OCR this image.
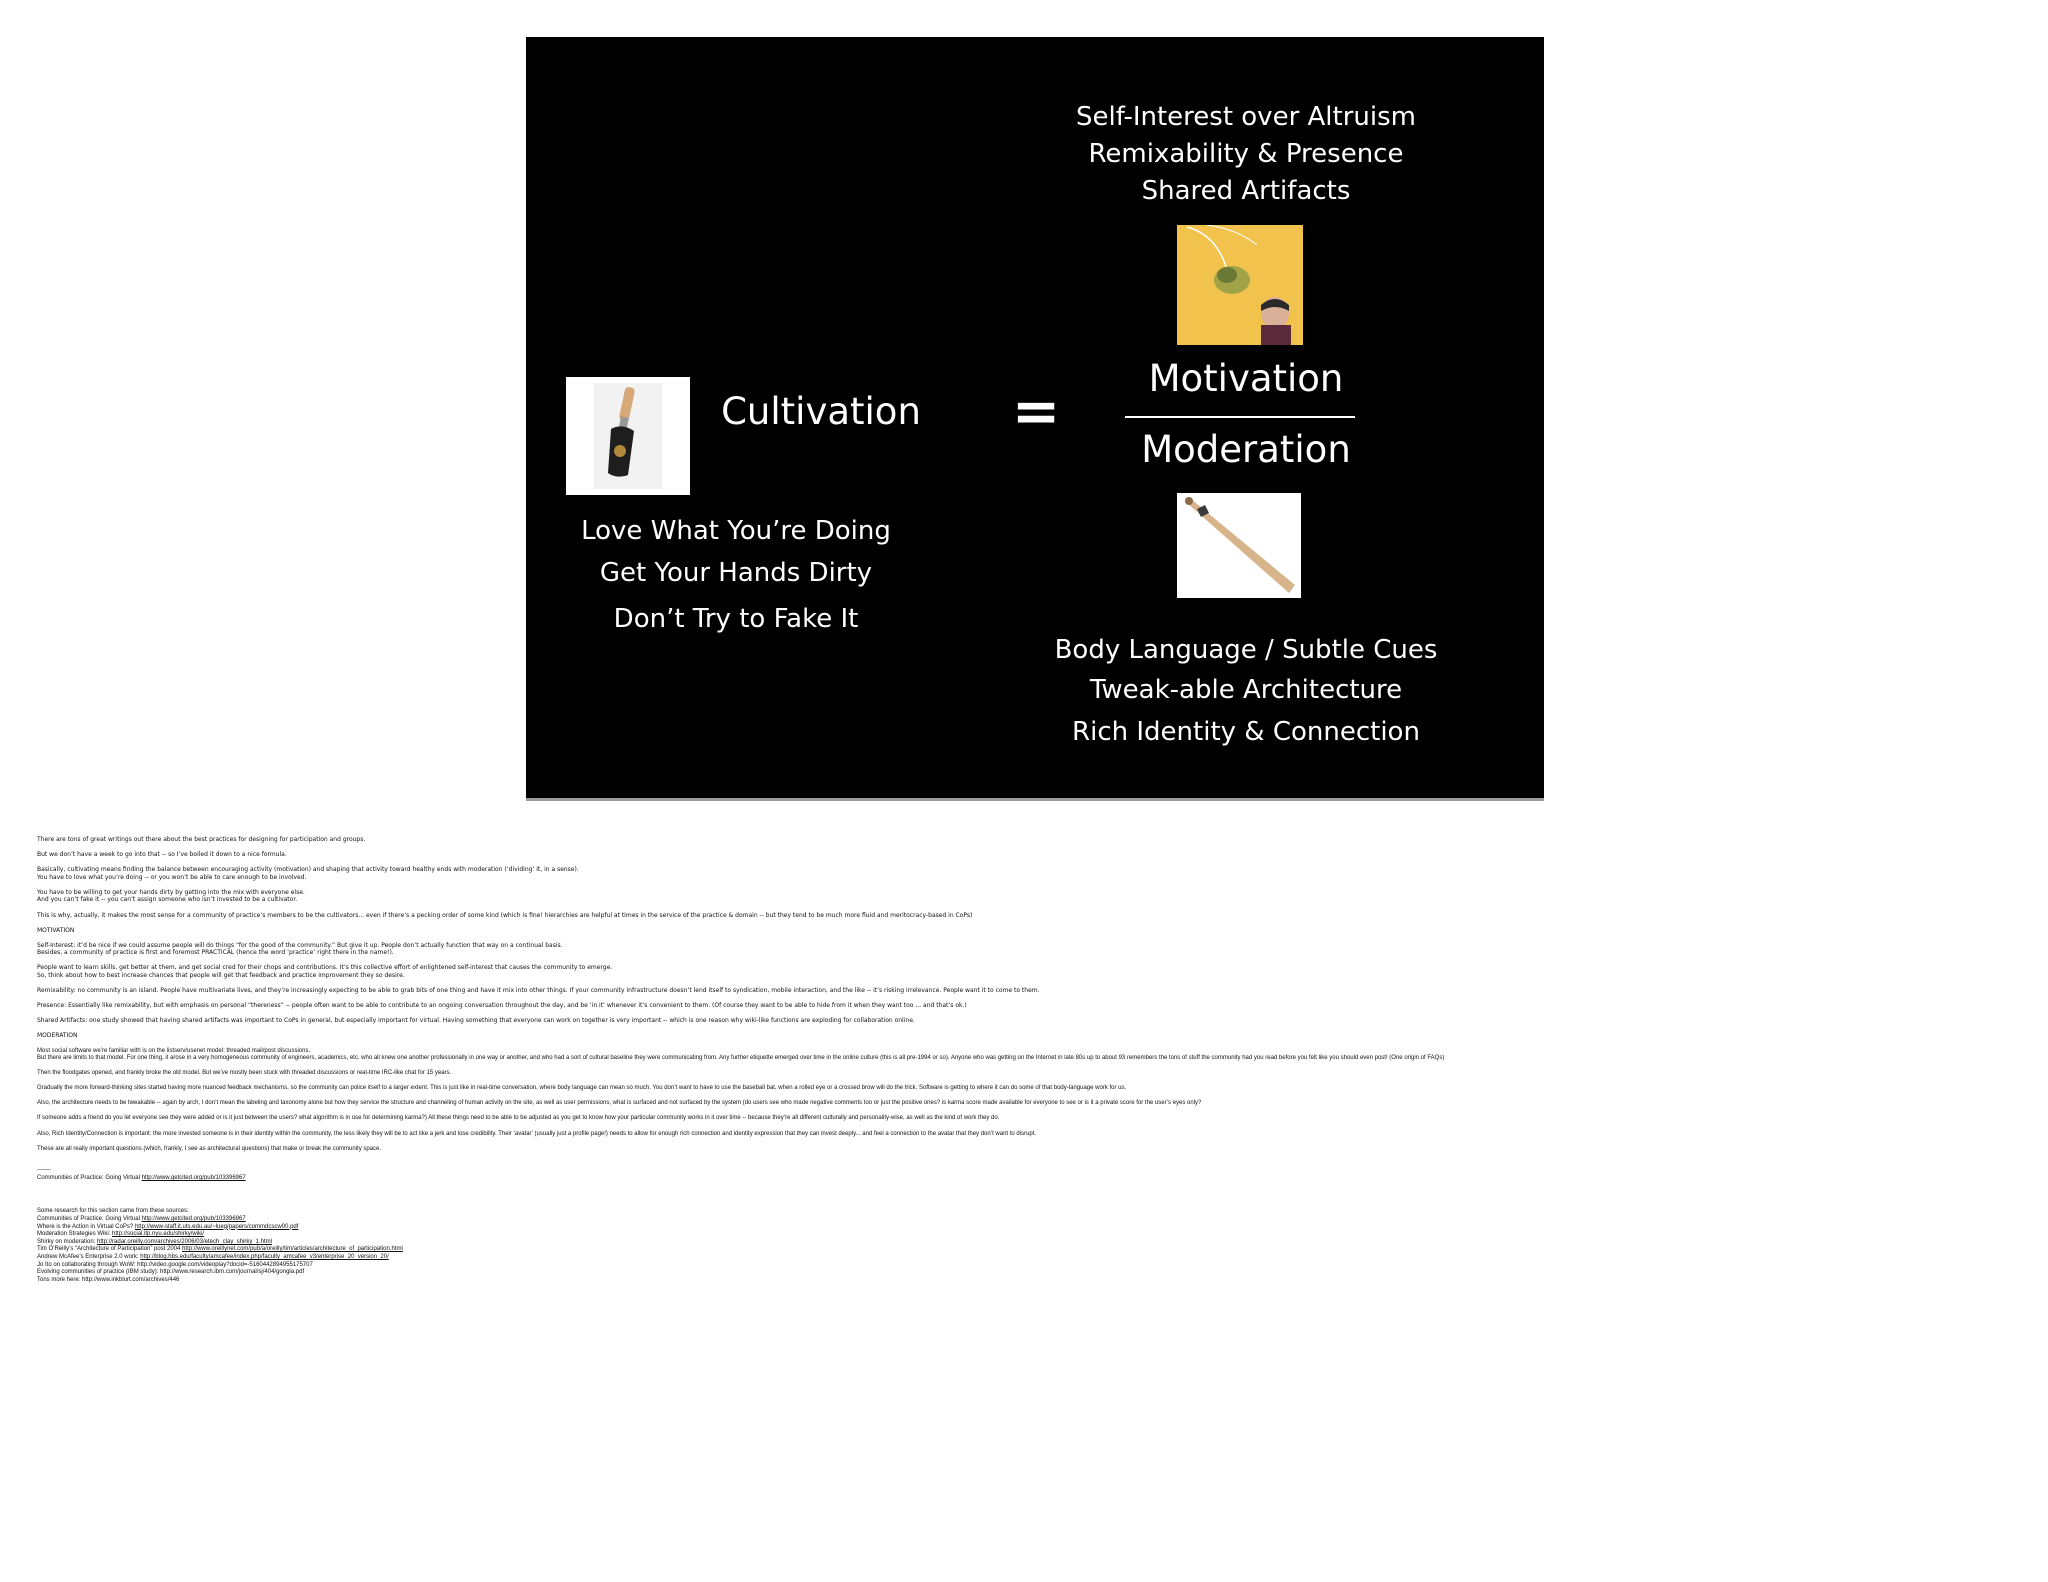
Self-Interest over Altruism
Remixability & Presence
Shared Artifacts
Cultivation	=	Motivation
Moderation
Love What You’re Doing
Get Your Hands Dirty
Don’t Try to Fake It
Body Language / Subtle Cues
Tweak-able Architecture
Rich Identity & Connection

There are tons of great writings out there about the best practices for designing for participation and groups.

But we don’t have a week to go into that -- so I’ve boiled it down to a nice formula.

Basically, cultivating means finding the balance between encouraging activity (motivation) and shaping that activity toward healthy ends with moderation (‘dividing’ it, in a sense).
You have to love what you’re doing -- or you won’t be able to care enough to be involved.

You have to be willing to get your hands dirty by getting into the mix with everyone else.
And you can’t fake it -- you can’t assign someone who isn’t invested to be a cultivator.

This is why, actually, it makes the most sense for a community of practice’s members to be the cultivators... even if there’s a pecking order of some kind (which is fine! hierarchies are helpful at times in the service of the practice & domain -- but they tend to be much more fluid and meritocracy-based in CoPs)

MOTIVATION

Self-Interest: it’d be nice if we could assume people will do things “for the good of the community.” But give it up. People don’t actually function that way on a continual basis.
Besides, a community of practice is first and foremost PRACTICAL (hence the word ‘practice’ right there in the name!).

People want to learn skills, get better at them, and get social cred for their chops and contributions. It’s this collective effort of enlightened self-interest that causes the community to emerge.
So, think about how to best increase chances that people will get that feedback and practice improvement they so desire.

Remixability: no community is an island. People have multivariate lives, and they’re increasingly expecting to be able to grab bits of one thing and have it mix into other things. If your community infrastructure doesn’t lend itself to syndication, mobile interaction, and the like -- it’s risking irrelevance. People want it to come to them.

Presence: Essentially like remixability, but with emphasis on personal “thereness” -- people often want to be able to contribute to an ongoing conversation throughout the day, and be ‘in it’ whenever it’s convenient to them. (Of course they want to be able to hide from it when they want too ... and that’s ok.)

Shared Artifacts: one study showed that having shared artifacts was important to CoPs in general, but especially important for virtual. Having something that everyone can work on together is very important -- which is one reason why wiki-like functions are exploding for collaboration online.

MODERATION

Most social software we’re familiar with is on the listserv/usenet model: threaded mail/post discussions.
But there are limits to that model. For one thing, it arose in a very homogeneous community of engineers, academics, etc. who all knew one another professionally in one way or another, and who had a sort of cultural baseline they were communicating from. Any further etiquette emerged over time in the online culture (this is all pre-1994 or so). Anyone who was getting on the Internet in late 80s up to about 93 remembers the tons of stuff the community had you read before you felt like you should even post! (One origin of FAQs)

Then the floodgates opened, and frankly broke the old model. But we’ve mostly been stuck with threaded discussions or real-time IRC-like chat for 15 years.

Gradually the more forward-thinking sites started having more nuanced feedback mechanisms, so the community can police itself to a larger extent. This is just like in real-time conversation, where body language can mean so much. You don’t want to have to use the baseball bat, when a rolled eye or a crossed brow will do the trick. Software is getting to where it can do some of that body-language work for us.

Also, the architecture needs to be tweakable -- again by arch, I don’t mean the labeling and taxonomy alone but how they service the structure and channeling of human activity on the site, as well as user permissions, what is surfaced and not surfaced by the system (do users see who made negative comments too or just the positive ones? is karma score made available for everyone to see or is it a private score for the user’s eyes only?

If someone adds a friend do you let everyone see they were added or is it just between the users? what algorithm is in use for determining karma?) All these things need to be able to be adjusted as you get to know how your particular community works in it over time -- because they’re all different culturally and personality-wise, as well as the kind of work they do.

Also, Rich Identity/Connection is important: the more invested someone is in their identity within the community, the less likely they will be to act like a jerk and lose credibility. Their ‘avatar’ (usually just a profile page!) needs to allow for enough rich connection and identity expression that they can invest deeply... and feel a connection to the avatar that they don’t want to disrupt.

These are all really important questions (which, frankly, I see as architectural questions) that make or break the community space.

-------

Communities of Practice: Going Virtual http://www.getcited.org/pub/103396967

Some research for this section came from these sources:
Communities of Practice: Going Virtual http://www.getcited.org/pub/103396967
Where is the Action in Virtual CoPs? http://www-staff.it.uts.edu.au/~lueg/papers/commdcscw00.pdf
Moderation Strategies Wiki: http://social.itp.nyu.edu/shirky/wiki/
Shirky on moderation: http://radar.oreilly.com/archives/2006/03/etech_clay_shirky_1.html
Tim O’Reilly’s “Architecture of Participation” post 2004 http://www.oreillynet.com/pub/a/oreilly/tim/articles/architecture_of_participation.html
Andrew McAfee’s Enterprise 2.0 work: http://blog.hbs.edu/faculty/amcafee/index.php/faculty_amcafee_v3/enterprise_20_version_20/
Jo Ito on collaborating through WoW: http://video.google.com/videoplay?docid=-5160442894955175707
Evolving communities of practice (IBM study): http://www.research.ibm.com/journal/sj/404/gongla.pdf
Tons more here: http://www.inkblurt.com/archives/446
